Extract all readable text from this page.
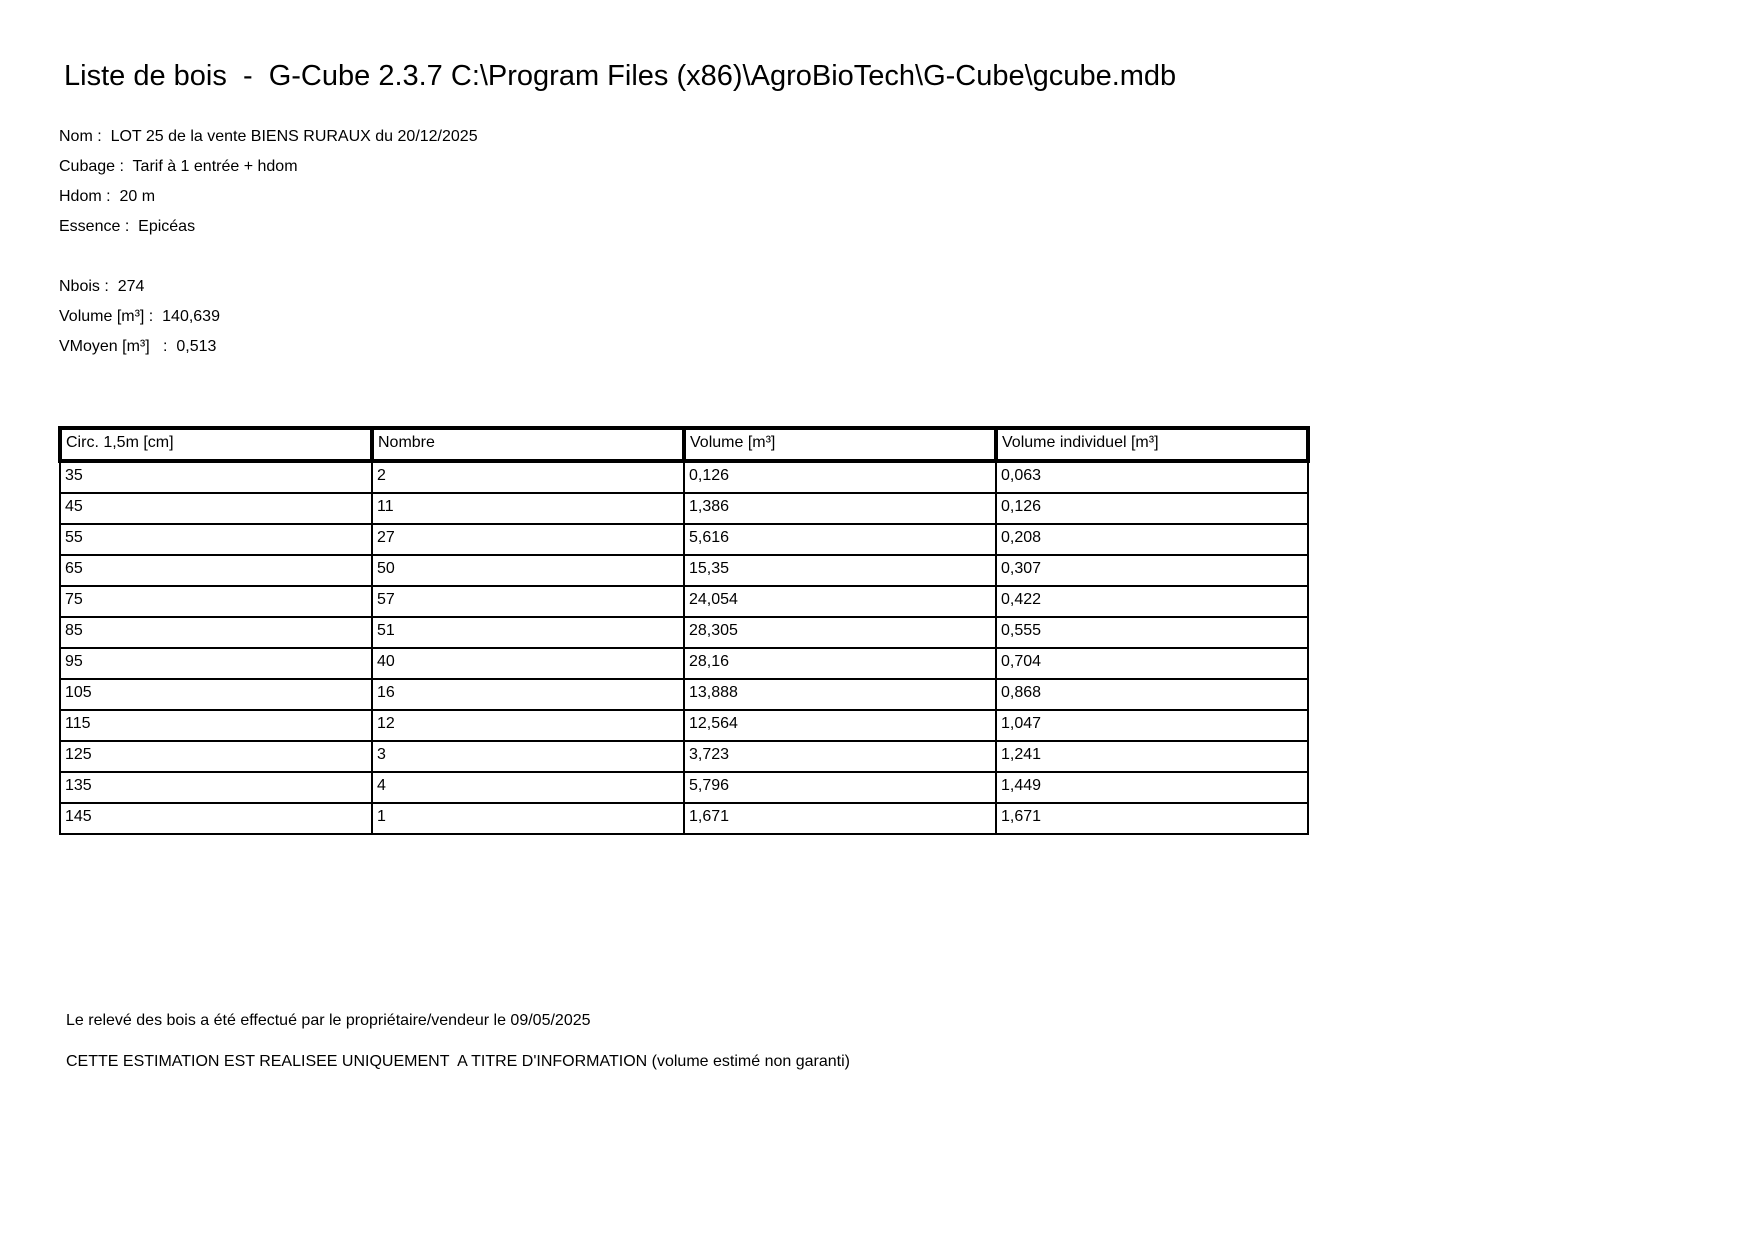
Liste de bois  -  G-Cube 2.3.7 C:\Program Files (x86)\AgroBioTech\G-Cube\gcube.mdb
Nom :  LOT 25 de la vente BIENS RURAUX du 20/12/2025
Cubage :  Tarif à 1 entrée + hdom
Hdom :  20 m
Essence :  Epicéas
Nbois :  274
Volume [m³] :  140,639
VMoyen [m³]   :  0,513
Circ. 1,5m [cm]	Nombre	Volume [m³]	Volume individuel [m³]
35	2	0,126	0,063
45	11	1,386	0,126
55	27	5,616	0,208
65	50	15,35	0,307
75	57	24,054	0,422
85	51	28,305	0,555
95	40	28,16	0,704
105	16	13,888	0,868
115	12	12,564	1,047
125	3	3,723	1,241
135	4	5,796	1,449
145	1	1,671	1,671
Le relevé des bois a été effectué par le propriétaire/vendeur le 09/05/2025
CETTE ESTIMATION EST REALISEE UNIQUEMENT  A TITRE D'INFORMATION (volume estimé non garanti)
